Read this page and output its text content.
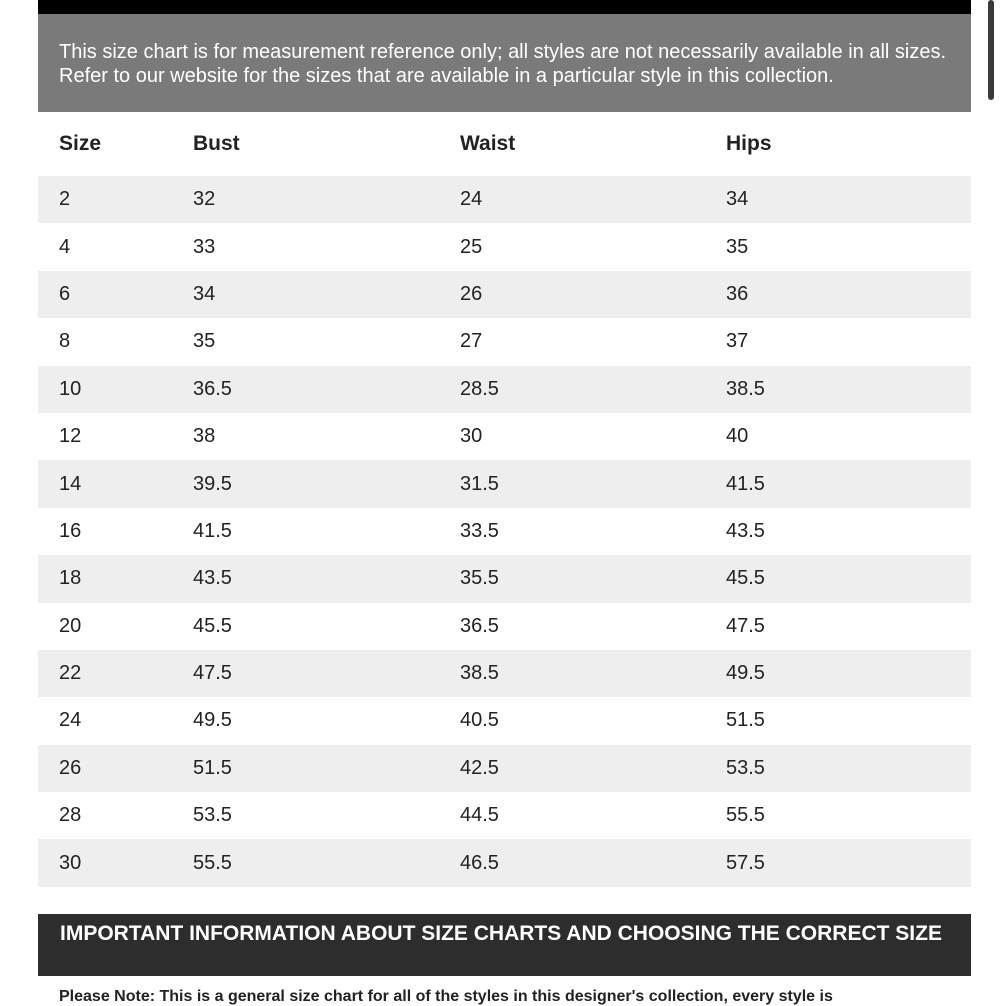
This size chart is for measurement reference only; all styles are not necessarily available in all sizes. Refer to our website for the sizes that are available in a particular style in this collection.
Size	Bust	Waist	Hips
2	32	24	34
4	33	25	35
6	34	26	36
8	35	27	37
10	36.5	28.5	38.5
12	38	30	40
14	39.5	31.5	41.5
16	41.5	33.5	43.5
18	43.5	35.5	45.5
20	45.5	36.5	47.5
22	47.5	38.5	49.5
24	49.5	40.5	51.5
26	51.5	42.5	53.5
28	53.5	44.5	55.5
30	55.5	46.5	57.5
IMPORTANT INFORMATION ABOUT SIZE CHARTS AND CHOOSING THE CORRECT SIZE
Please Note: This is a general size chart for all of the styles in this designer's collection, every style is
